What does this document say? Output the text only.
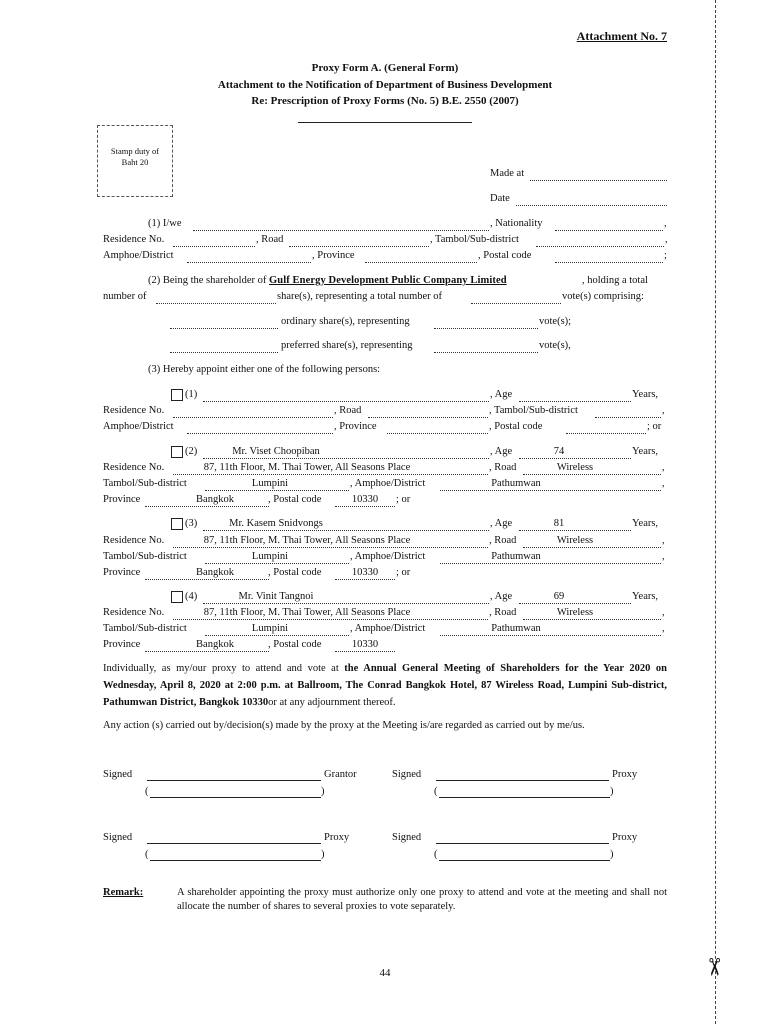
✂
Attachment No. 7
Proxy Form A. (General Form)
Attachment to the Notification of Department of Business Development
Re: Prescription of Proxy Forms (No. 5) B.E. 2550 (2007)
Stamp duty of
Baht 20
Made at
Date
(1) I/we	, Nationality	,
Residence No.	, Road	, Tambol/Sub-district	,
Amphoe/District	, Province	, Postal code	;
(2) Being the shareholder of Gulf Energy Development Public Company Limited	, holding a total
number of	share(s), representing a total number of	vote(s) comprising:
ordinary share(s), representing	vote(s);
preferred share(s), representing	vote(s),
(3) Hereby appoint either one of the following persons:
(1)	, Age	Years,
Residence No.	, Road	, Tambol/Sub-district	,
Amphoe/District	, Province	, Postal code	; or
(2)	Mr. Viset Choopiban	, Age	74	Years,
Residence No.	87, 11th Floor, M. Thai Tower, All Seasons Place	, Road	Wireless	,
Tambol/Sub-district	Lumpini	, Amphoe/District	Pathumwan	,
Province	Bangkok	, Postal code	10330	; or
(3)	Mr. Kasem Snidvongs	, Age	81	Years,
Residence No.	87, 11th Floor, M. Thai Tower, All Seasons Place	, Road	Wireless	,
Tambol/Sub-district	Lumpini	, Amphoe/District	Pathumwan	,
Province	Bangkok	, Postal code	10330	; or
(4)	Mr. Vinit Tangnoi	, Age	69	Years,
Residence No.	87, 11th Floor, M. Thai Tower, All Seasons Place	, Road	Wireless	,
Tambol/Sub-district	Lumpini	, Amphoe/District	Pathumwan	,
Province	Bangkok	, Postal code	10330
Individually, as my/our proxy to attend and vote at the Annual General Meeting of Shareholders for the Year 2020 on Wednesday, April 8, 2020 at 2:00 p.m. at Ballroom, The Conrad Bangkok Hotel, 87 Wireless Road, Lumpini Sub-district, Pathumwan District, Bangkok 10330or at any adjournment thereof.
Any action (s) carried out by/decision(s) made by the proxy at the Meeting is/are regarded as carried out by me/us.
Signed	Grantor
(	)
Signed	Proxy
(	)
Signed	Proxy
(	)
Signed	Proxy
(	)
Remark:	A shareholder appointing the proxy must authorize only one proxy to attend and vote at the meeting and shall not allocate the number of shares to several proxies to vote separately.
44
